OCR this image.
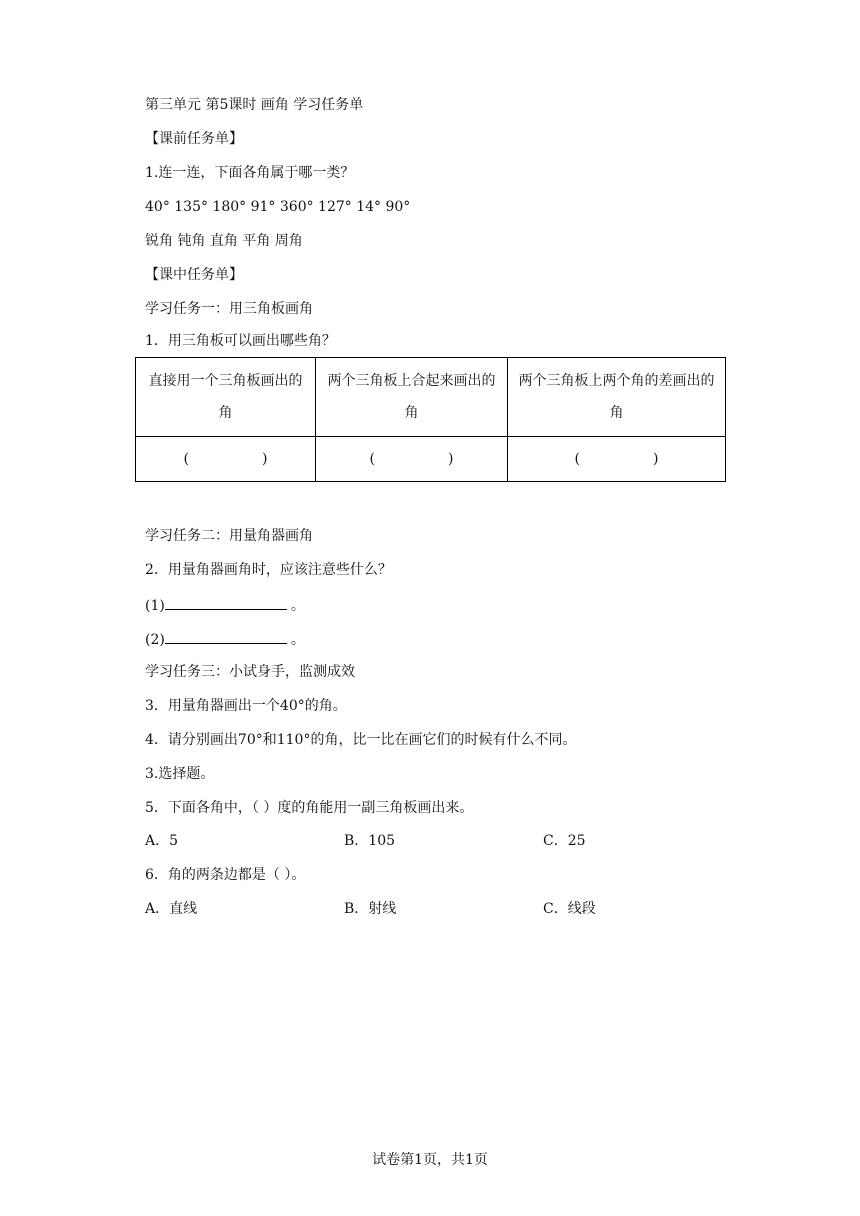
第三单元 第5课时 画角 学习任务单
【课前任务单】
1.连一连，下面各角属于哪一类？
40° 135° 180° 91° 360° 127° 14° 90°
锐角 钝角 直角 平角 周角
【课中任务单】
学习任务一：用三角板画角
1．用三角板可以画出哪些角？
直接用一个三角板画出的角	两个三角板上合起来画出的角	两个三角板上两个角的差画出的角
( )	( )	( )
学习任务二：用量角器画角
2．用量角器画角时，应该注意些什么？
(1)	。
(2)	。
学习任务三：小试身手，监测成效
3．用量角器画出一个40°的角。
4．请分别画出70°和110°的角，比一比在画它们的时候有什么不同。
3.选择题。
5．下面各角中，（ ）度的角能用一副三角板画出来。
A．5	B．105	C．25
6．角的两条边都是（ ）。
A．直线	B．射线	C．线段
试卷第1页，共1页
